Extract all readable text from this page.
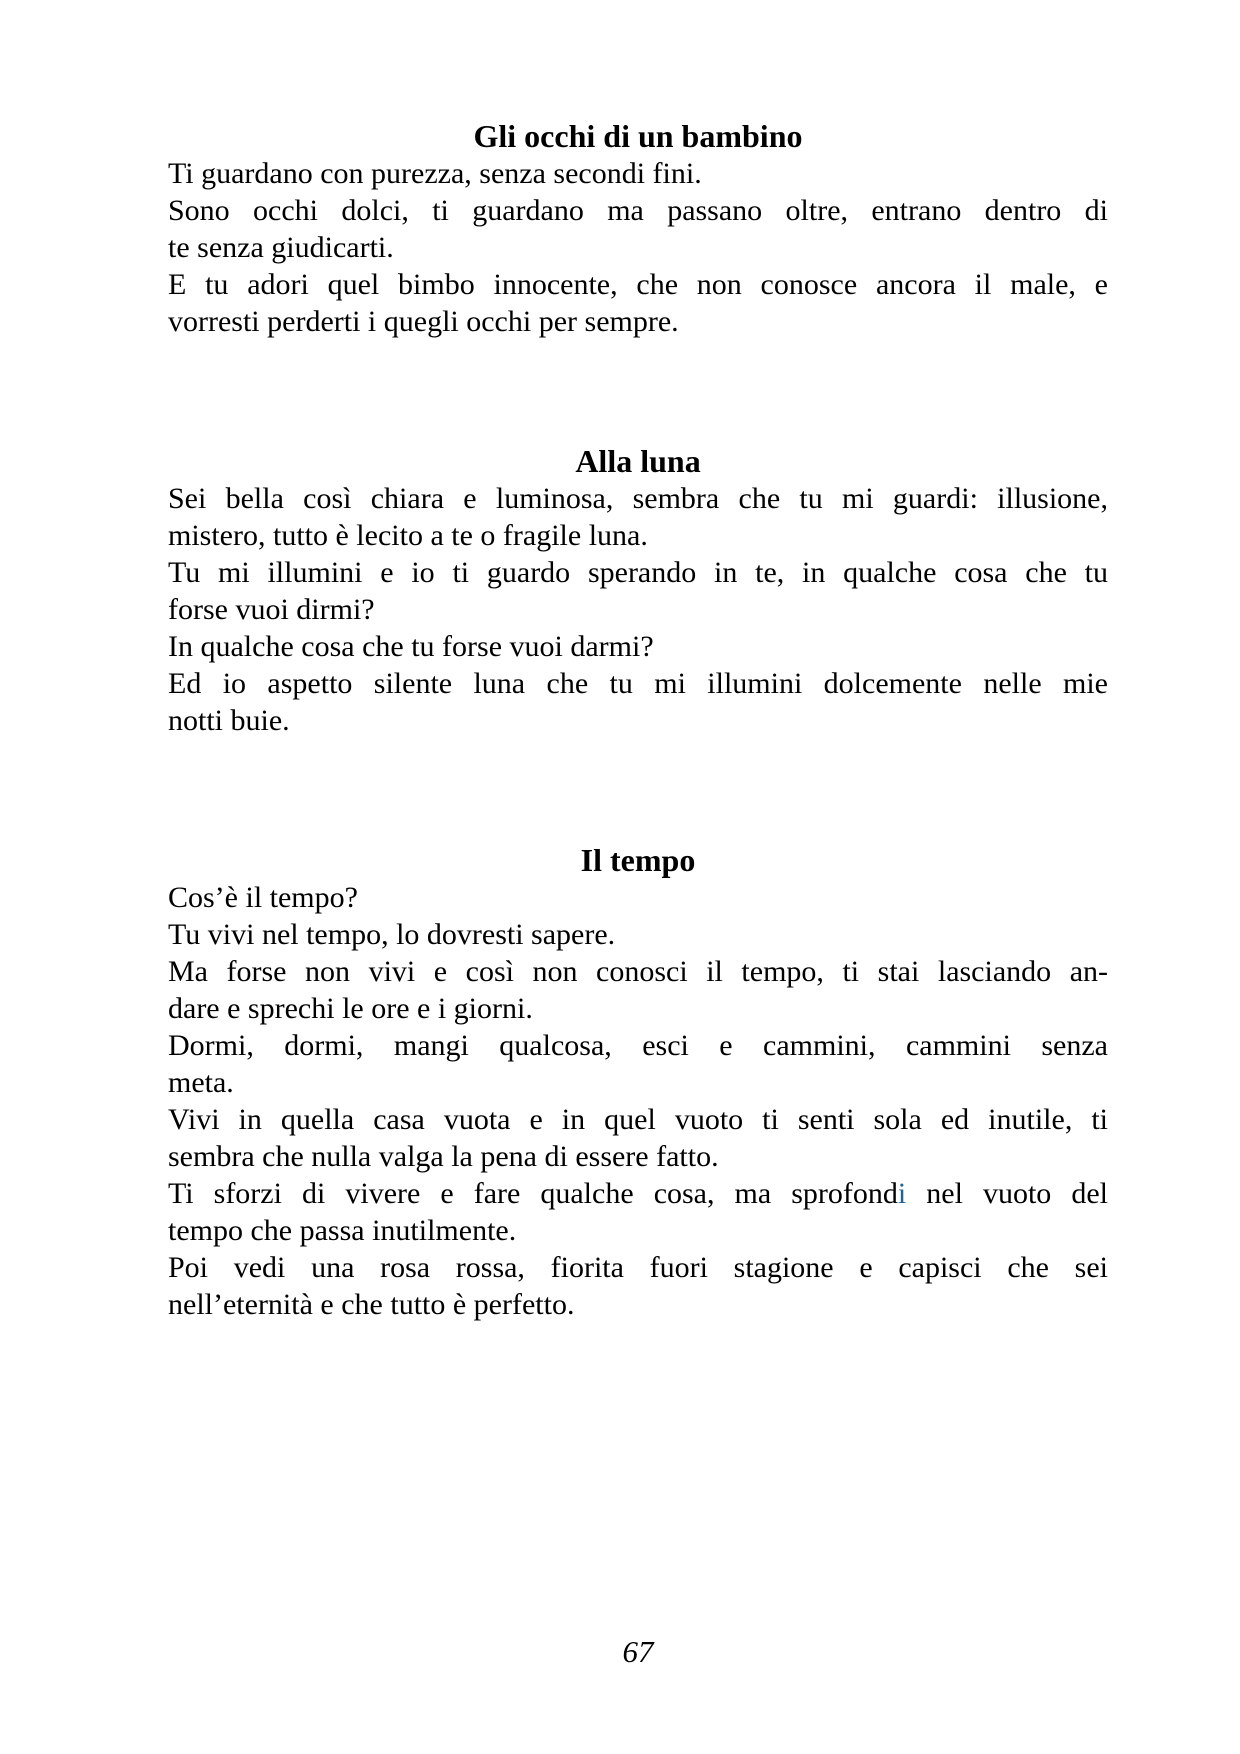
Gli occhi di un bambino

Ti guardano con purezza, senza secondi fini.

Sono occhi dolci, ti guardano ma passano oltre, entrano dentro di
te senza giudicarti.

E tu adori quel bimbo innocente, che non conosce ancora il male, e
vorresti perderti i quegli occhi per sempre.

Alla luna

Sei bella così chiara e luminosa, sembra che tu mi guardi: illusione,
mistero, tutto è lecito a te o fragile luna.

Tu mi illumini e io ti guardo sperando in te, in qualche cosa che tu
forse vuoi dirmi?

In qualche cosa che tu forse vuoi darmi?

Ed io aspetto silente luna che tu mi illumini dolcemente nelle mie
notti buie.

Il tempo

Cos’è il tempo?

Tu vivi nel tempo, lo dovresti sapere.

Ma forse non vivi e così non conosci il tempo, ti stai lasciando an-
dare e sprechi le ore e i giorni.

Dormi, dormi, mangi qualcosa, esci e cammini, cammini senza
meta.

Vivi in quella casa vuota e in quel vuoto ti senti sola ed inutile, ti
sembra che nulla valga la pena di essere fatto.

Ti sforzi di vivere e fare qualche cosa, ma sprofondi nel vuoto del
tempo che passa inutilmente.

Poi vedi una rosa rossa, fiorita fuori stagione e capisci che sei
nell’eternità e che tutto è perfetto.

67
